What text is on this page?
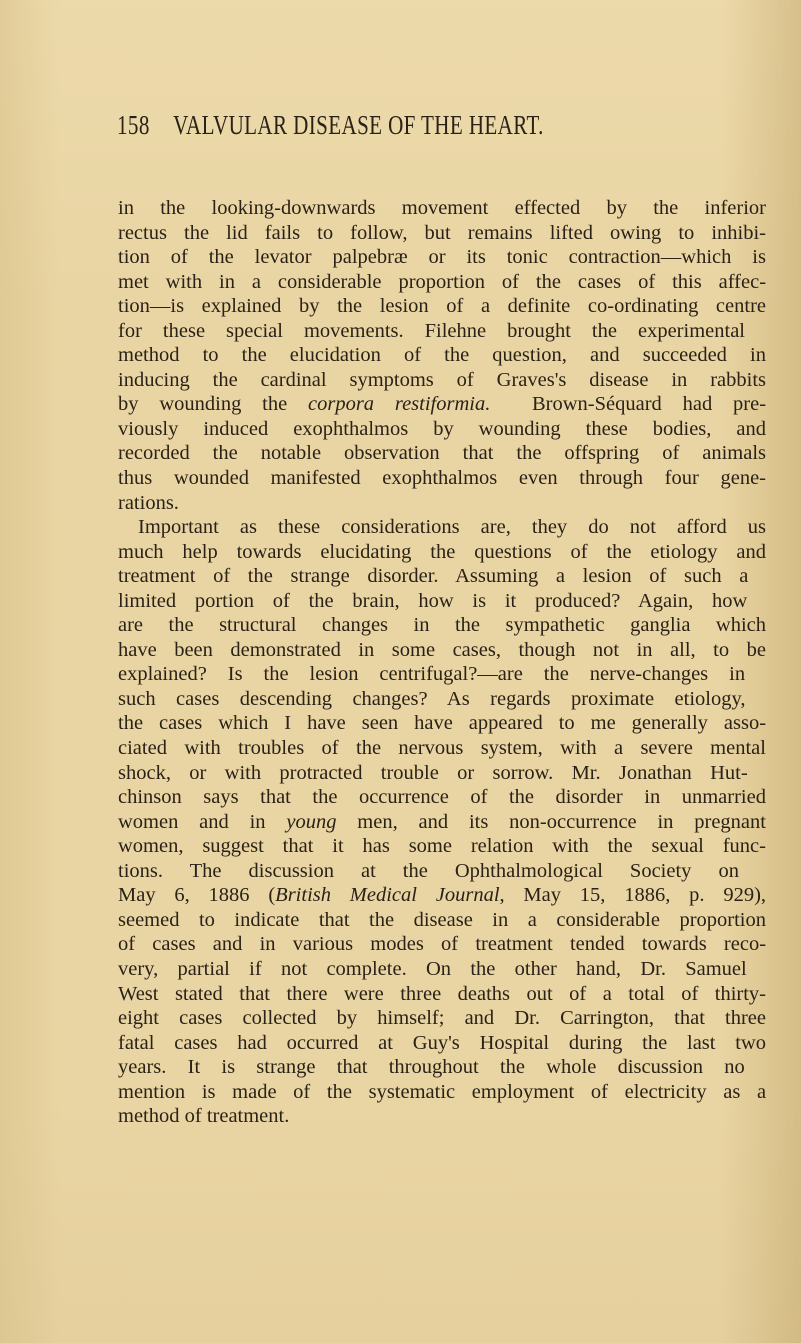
158 VALVULAR DISEASE OF THE HEART.
in the looking-downwards movement effected by the inferior
rectus the lid fails to follow, but remains lifted owing to inhibi-
tion of the levator palpebræ or its tonic contraction—which is
met with in a considerable proportion of the cases of this affec-
tion—is explained by the lesion of a definite co-ordinating centre
for these special movements. Filehne brought the experimental
method to the elucidation of the question, and succeeded in
inducing the cardinal symptoms of Graves's disease in rabbits
by wounding the corpora restiformia.  Brown-Séquard had pre-
viously induced exophthalmos by wounding these bodies, and
recorded the notable observation that the offspring of animals
thus wounded manifested exophthalmos even through four gene-
rations.
Important as these considerations are, they do not afford us
much help towards elucidating the questions of the etiology and
treatment of the strange disorder. Assuming a lesion of such a
limited portion of the brain, how is it produced? Again, how
are the structural changes in the sympathetic ganglia which
have been demonstrated in some cases, though not in all, to be
explained? Is the lesion centrifugal?—are the nerve-changes in
such cases descending changes? As regards proximate etiology,
the cases which I have seen have appeared to me generally asso-
ciated with troubles of the nervous system, with a severe mental
shock, or with protracted trouble or sorrow. Mr. Jonathan Hut-
chinson says that the occurrence of the disorder in unmarried
women and in young men, and its non-occurrence in pregnant
women, suggest that it has some relation with the sexual func-
tions. The discussion at the Ophthalmological Society on
May 6, 1886 (British Medical Journal, May 15, 1886, p. 929),
seemed to indicate that the disease in a considerable proportion
of cases and in various modes of treatment tended towards reco-
very, partial if not complete. On the other hand, Dr. Samuel
West stated that there were three deaths out of a total of thirty-
eight cases collected by himself; and Dr. Carrington, that three
fatal cases had occurred at Guy's Hospital during the last two
years. It is strange that throughout the whole discussion no
mention is made of the systematic employment of electricity as a
method of treatment.
